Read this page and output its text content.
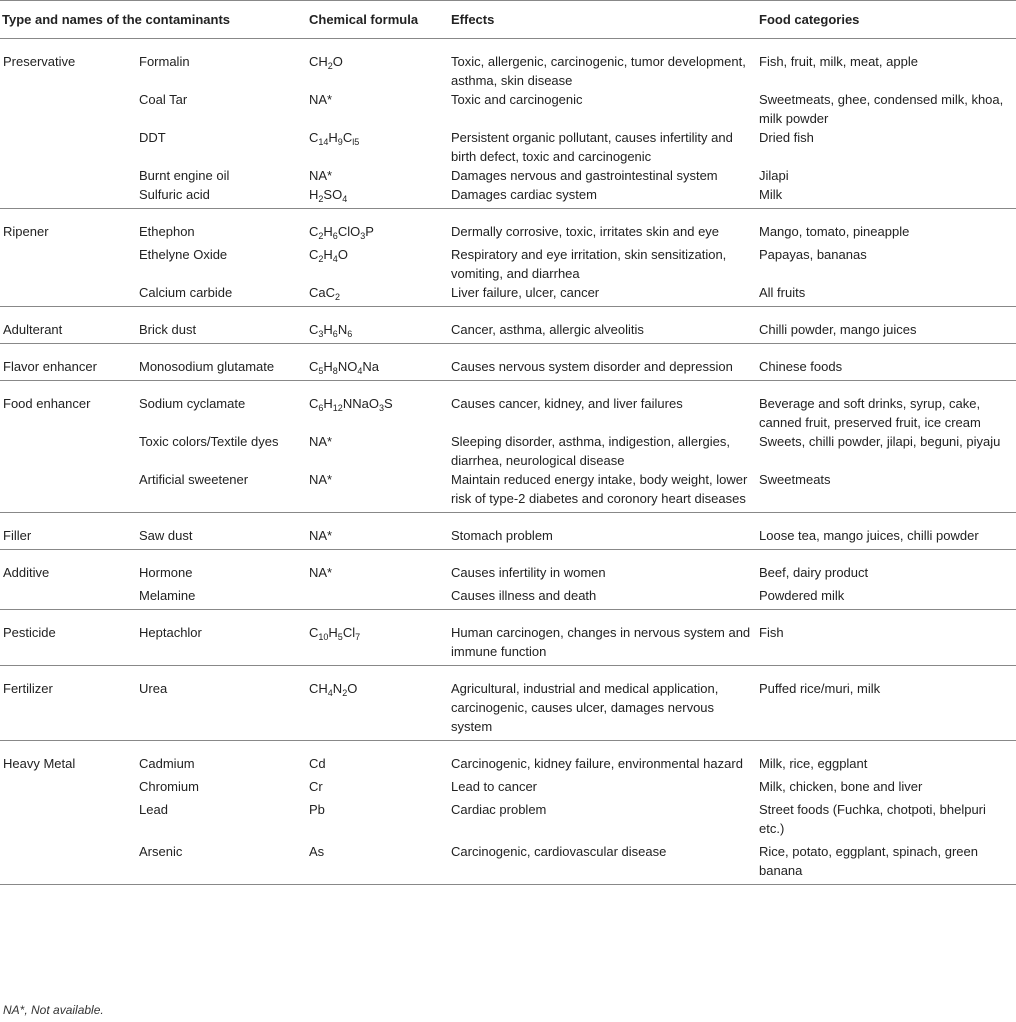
Type and names of the contaminants		Chemical formula	Effects	Food categories
Preservative	Formalin	$CH_2O$	Toxic, allergenic, carcinogenic, tumor development, asthma, skin disease	Fish, fruit, milk, meat, apple
	Coal Tar	NA*	Toxic and carcinogenic	Sweetmeats, ghee, condensed milk, khoa, milk powder
	DDT	$C_{14}H_9C_{l5}$	Persistent organic pollutant, causes infertility and birth defect, toxic and carcinogenic	Dried fish
	Burnt engine oil	NA*	Damages nervous and gastrointestinal system	Jilapi
	Sulfuric acid	$H_2SO_4$	Damages cardiac system	Milk
Ripener	Ethephon	$C_2H_6ClO_3P$	Dermally corrosive, toxic, irritates skin and eye	Mango, tomato, pineapple
	Ethelyne Oxide	$C_2H_4O$	Respiratory and eye irritation, skin sensitization, vomiting, and diarrhea	Papayas, bananas
	Calcium carbide	CaC$_2$	Liver failure, ulcer, cancer	All fruits
Adulterant	Brick dust	$C_3H_6N_6$	Cancer, asthma, allergic alveolitis	Chilli powder, mango juices
Flavor enhancer	Monosodium glutamate	$C_5H_8NO_4Na$	Causes nervous system disorder and depression	Chinese foods
Food enhancer	Sodium cyclamate	$C_6H_{12}NNaO_3S$	Causes cancer, kidney, and liver failures	Beverage and soft drinks, syrup, cake, canned fruit, preserved fruit, ice cream
	Toxic colors/Textile dyes	NA*	Sleeping disorder, asthma, indigestion, allergies, diarrhea, neurological disease	Sweets, chilli powder, jilapi, beguni, piyaju
	Artificial sweetener	NA*	Maintain reduced energy intake, body weight, lower risk of type-2 diabetes and coronory heart diseases	Sweetmeats
Filler	Saw dust	NA*	Stomach problem	Loose tea, mango juices, chilli powder
Additive	Hormone	NA*	Causes infertility in women	Beef, dairy product
	Melamine		Causes illness and death	Powdered milk
Pesticide	Heptachlor	$C_{10}H_5Cl_7$	Human carcinogen, changes in nervous system and immune function	Fish
Fertilizer	Urea	$CH_4N_2O$	Agricultural, industrial and medical application, carcinogenic, causes ulcer, damages nervous system	Puffed rice/muri, milk
Heavy Metal	Cadmium	Cd	Carcinogenic, kidney failure, environmental hazard	Milk, rice, eggplant
	Chromium	Cr	Lead to cancer	Milk, chicken, bone and liver
	Lead	Pb	Cardiac problem	Street foods (Fuchka, chotpoti, bhelpuri etc.)
	Arsenic	As	Carcinogenic, cardiovascular disease	Rice, potato, eggplant, spinach, green banana
NA*, Not available.
